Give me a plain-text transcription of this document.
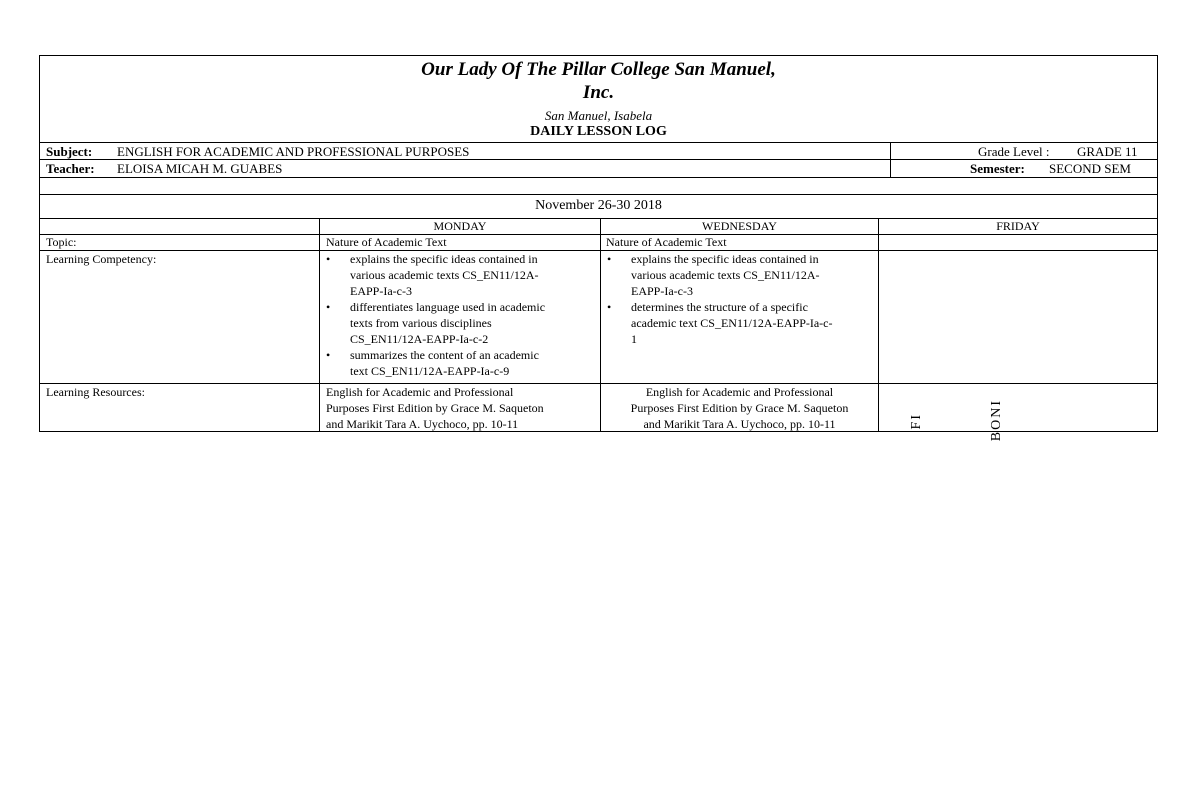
Our Lady Of The Pillar College San Manuel,
Inc.
San Manuel, Isabela
DAILY LESSON LOG
Subject: ENGLISH FOR ACADEMIC AND PROFESSIONAL PURPOSES	Grade Level : GRADE 11
Teacher: ELOISA MICAH M. GUABES	Semester: SECOND SEM
November 26-30 2018
MONDAY	WEDNESDAY	FRIDAY
Topic:	Nature of Academic Text	Nature of Academic Text
Learning Competency:
•	explains the specific ideas contained in
various academic texts CS_EN11/12A-
EAPP-Ia-c-3
• differentiates language used in academic
texts from various disciplines
CS_EN11/12A-EAPP-Ia-c-2
• summarizes the content of an academic
text CS_EN11/12A-EAPP-Ia-c-9
• explains the specific ideas contained in
various academic texts CS_EN11/12A-
EAPP-Ia-c-3
• determines the structure of a specific
academic text CS_EN11/12A-EAPP-Ia-c-
1
Learning Resources:	English for Academic and Professional
Purposes First Edition by Grace M. Saqueton
and Marikit Tara A. Uychoco, pp. 10-11
English for Academic and Professional
Purposes First Edition by Grace M. Saqueton
and Marikit Tara A. Uychoco, pp. 10-11	BONI
FI
